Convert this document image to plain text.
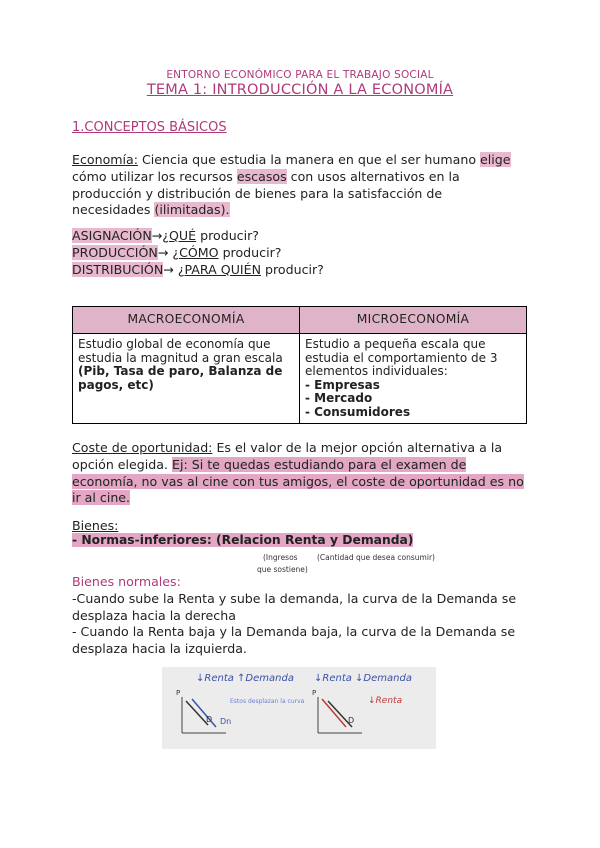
ENTORNO ECONÓMICO PARA EL TRABAJO SOCIAL
TEMA 1: INTRODUCCIÓN A LA ECONOMÍA
1.CONCEPTOS BÁSICOS
Economía: Ciencia que estudia la manera en que el ser humano elige
cómo utilizar los recursos escasos con usos alternativos en la
producción y distribución de bienes para la satisfacción de
necesidades (ilimitadas).
ASIGNACIÓN→¿QUÉ producir?
PRODUCCIÓN→ ¿CÓMO producir?
DISTRIBUCIÓN→ ¿PARA QUIÉN producir?
MACROECONOMÍA	MICROECONOMÍA
Estudio global de economía que estudia la magnitud a gran escala (Pib, Tasa de paro, Balanza de pagos, etc)	Estudio a pequeña escala que estudia el comportamiento de 3 elementos individuales:
- Empresas
- Mercado
- Consumidores
Coste de oportunidad: Es el valor de la mejor opción alternativa a la
opción elegida. Ej: Si te quedas estudiando para el examen de
economía, no vas al cine con tus amigos, el coste de oportunidad es no
ir al cine.
Bienes:
- Normas-inferiores: (Relacion Renta y Demanda)
(Ingresos
que sostiene)
(Cantidad que desea consumir)
Bienes normales:
-Cuando sube la Renta y sube la demanda, la curva de la Demanda se
desplaza hacia la derecha
- Cuando la Renta baja y la Demanda baja, la curva de la Demanda se
desplaza hacia la izquierda.
↓Renta ↑Demanda
P
D Dn
Estos desplazan la curva
↓Renta ↓Demanda
P
D
↓Renta
